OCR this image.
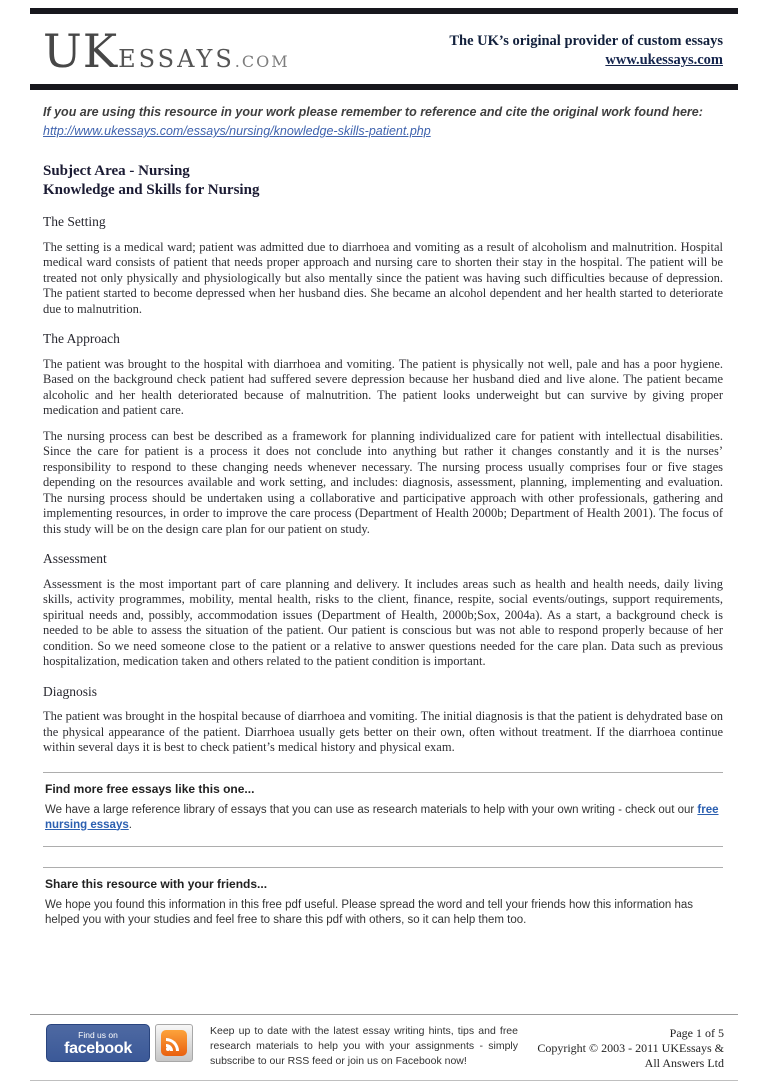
UKESSAYS.COM
The UK’s original provider of custom essays
www.ukessays.com
If you are using this resource in your work please remember to reference and cite the original work found here:
http://www.ukessays.com/essays/nursing/knowledge-skills-patient.php
Subject Area - Nursing
Knowledge and Skills for Nursing
The Setting

The setting is a medical ward; patient was admitted due to diarrhoea and vomiting as a result of alcoholism and malnutrition. Hospital medical ward consists of patient that needs proper approach and nursing care to shorten their stay in the hospital. The patient will be treated not only physically and physiologically but also mentally since the patient was having such difficulties because of depression. The patient started to become depressed when her husband dies. She became an alcohol dependent and her health started to deteriorate due to malnutrition.

The Approach

The patient was brought to the hospital with diarrhoea and vomiting. The patient is physically not well, pale and has a poor hygiene. Based on the background check patient had suffered severe depression because her husband died and live alone. The patient became alcoholic and her health deteriorated because of malnutrition. The patient looks underweight but can survive by giving proper medication and patient care.

The nursing process can best be described as a framework for planning individualized care for patient with intellectual disabilities. Since the care for patient is a process it does not conclude into anything but rather it changes constantly and it is the nurses’ responsibility to respond to these changing needs whenever necessary. The nursing process usually comprises four or five stages depending on the resources available and work setting, and includes: diagnosis, assessment, planning, implementing and evaluation. The nursing process should be undertaken using a collaborative and participative approach with other professionals, gathering and implementing resources, in order to improve the care process (Department of Health 2000b; Department of Health 2001). The focus of this study will be on the design care plan for our patient on study.

Assessment

Assessment is the most important part of care planning and delivery. It includes areas such as health and health needs, daily living skills, activity programmes, mobility, mental health, risks to the client, finance, respite, social events/outings, support requirements, spiritual needs and, possibly, accommodation issues (Department of Health, 2000b;Sox, 2004a). As a start, a background check is needed to be able to assess the situation of the patient. Our patient is conscious but was not able to respond properly because of her condition. So we need someone close to the patient or a relative to answer questions needed for the care plan. Data such as previous hospitalization, medication taken and others related to the patient condition is important.

Diagnosis

The patient was brought in the hospital because of diarrhoea and vomiting. The initial diagnosis is that the patient is dehydrated base on the physical appearance of the patient. Diarrhoea usually gets better on their own, often without treatment. If the diarrhoea continue within several days it is best to check patient’s medical history and physical exam.

Find more free essays like this one...
We have a large reference library of essays that you can use as research materials to help with your own writing - check out our free nursing essays.
Share this resource with your friends...
We hope you found this information in this free pdf useful. Please spread the word and tell your friends how this information has helped you with your studies and feel free to share this pdf with others, so it can help them too.
Find us on
facebook
Keep up to date with the latest essay writing hints, tips and free research materials to help you with your assignments - simply subscribe to our RSS feed or join us on Facebook now!
Page 1 of 5
Copyright © 2003 - 2011 UKEssays & All Answers Ltd
